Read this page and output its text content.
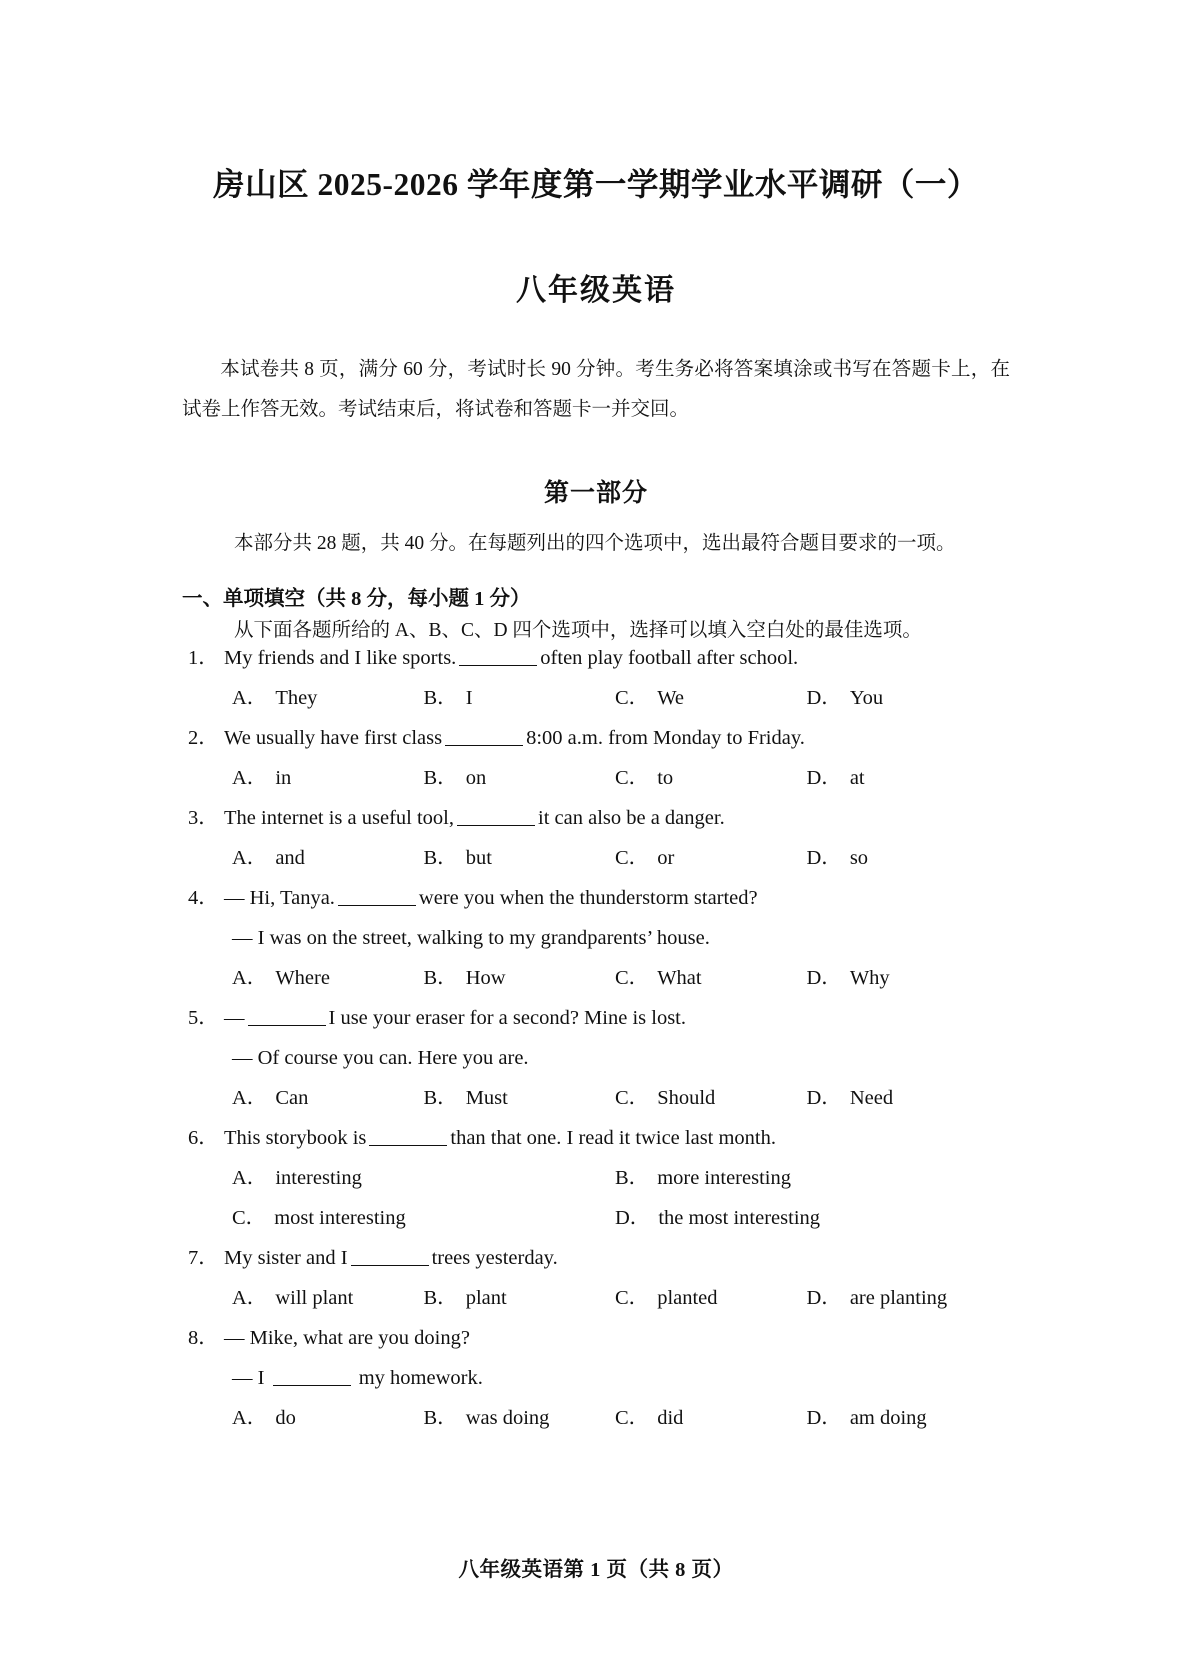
房山区 2025-2026 学年度第一学期学业水平调研（一）
八年级英语

本试卷共 8 页，满分 60 分，考试时长 90 分钟。考生务必将答案填涂或书写在答题卡上，在试卷上作答无效。考试结束后，将试卷和答题卡一并交回。

第一部分

本部分共 28 题，共 40 分。在每题列出的四个选项中，选出最符合题目要求的一项。

一、单项填空（共 8 分，每小题 1 分）

从下面各题所给的 A、B、C、D 四个选项中，选择可以填入空白处的最佳选项。

1． My friends and I like sports.	often play football after school.
A． They	B． I	C． We	D． You
2． We usually have first class	8:00 a.m. from Monday to Friday.
A． in	B． on	C． to	D． at
3． The internet is a useful tool,	it can also be a danger.
A． and	B． but	C． or	D． so
4． — Hi, Tanya.	were you when the thunderstorm started?
— I was on the street, walking to my grandparents’ house.
A． Where	B． How	C． What	D． Why
5． —	I use your eraser for a second? Mine is lost.
— Of course you can. Here you are.
A． Can	B． Must	C． Should	D． Need
6． This storybook is	than that one. I read it twice last month.
A． interesting	B． more interesting
C． most interesting	D． the most interesting
7． My sister and I	trees yesterday.
A． will plant	B． plant	C． planted	D． are planting
8． — Mike, what are you doing?
— I	my homework.
A． do	B． was doing	C． did	D． am doing
八年级英语第 1 页（共 8 页）
